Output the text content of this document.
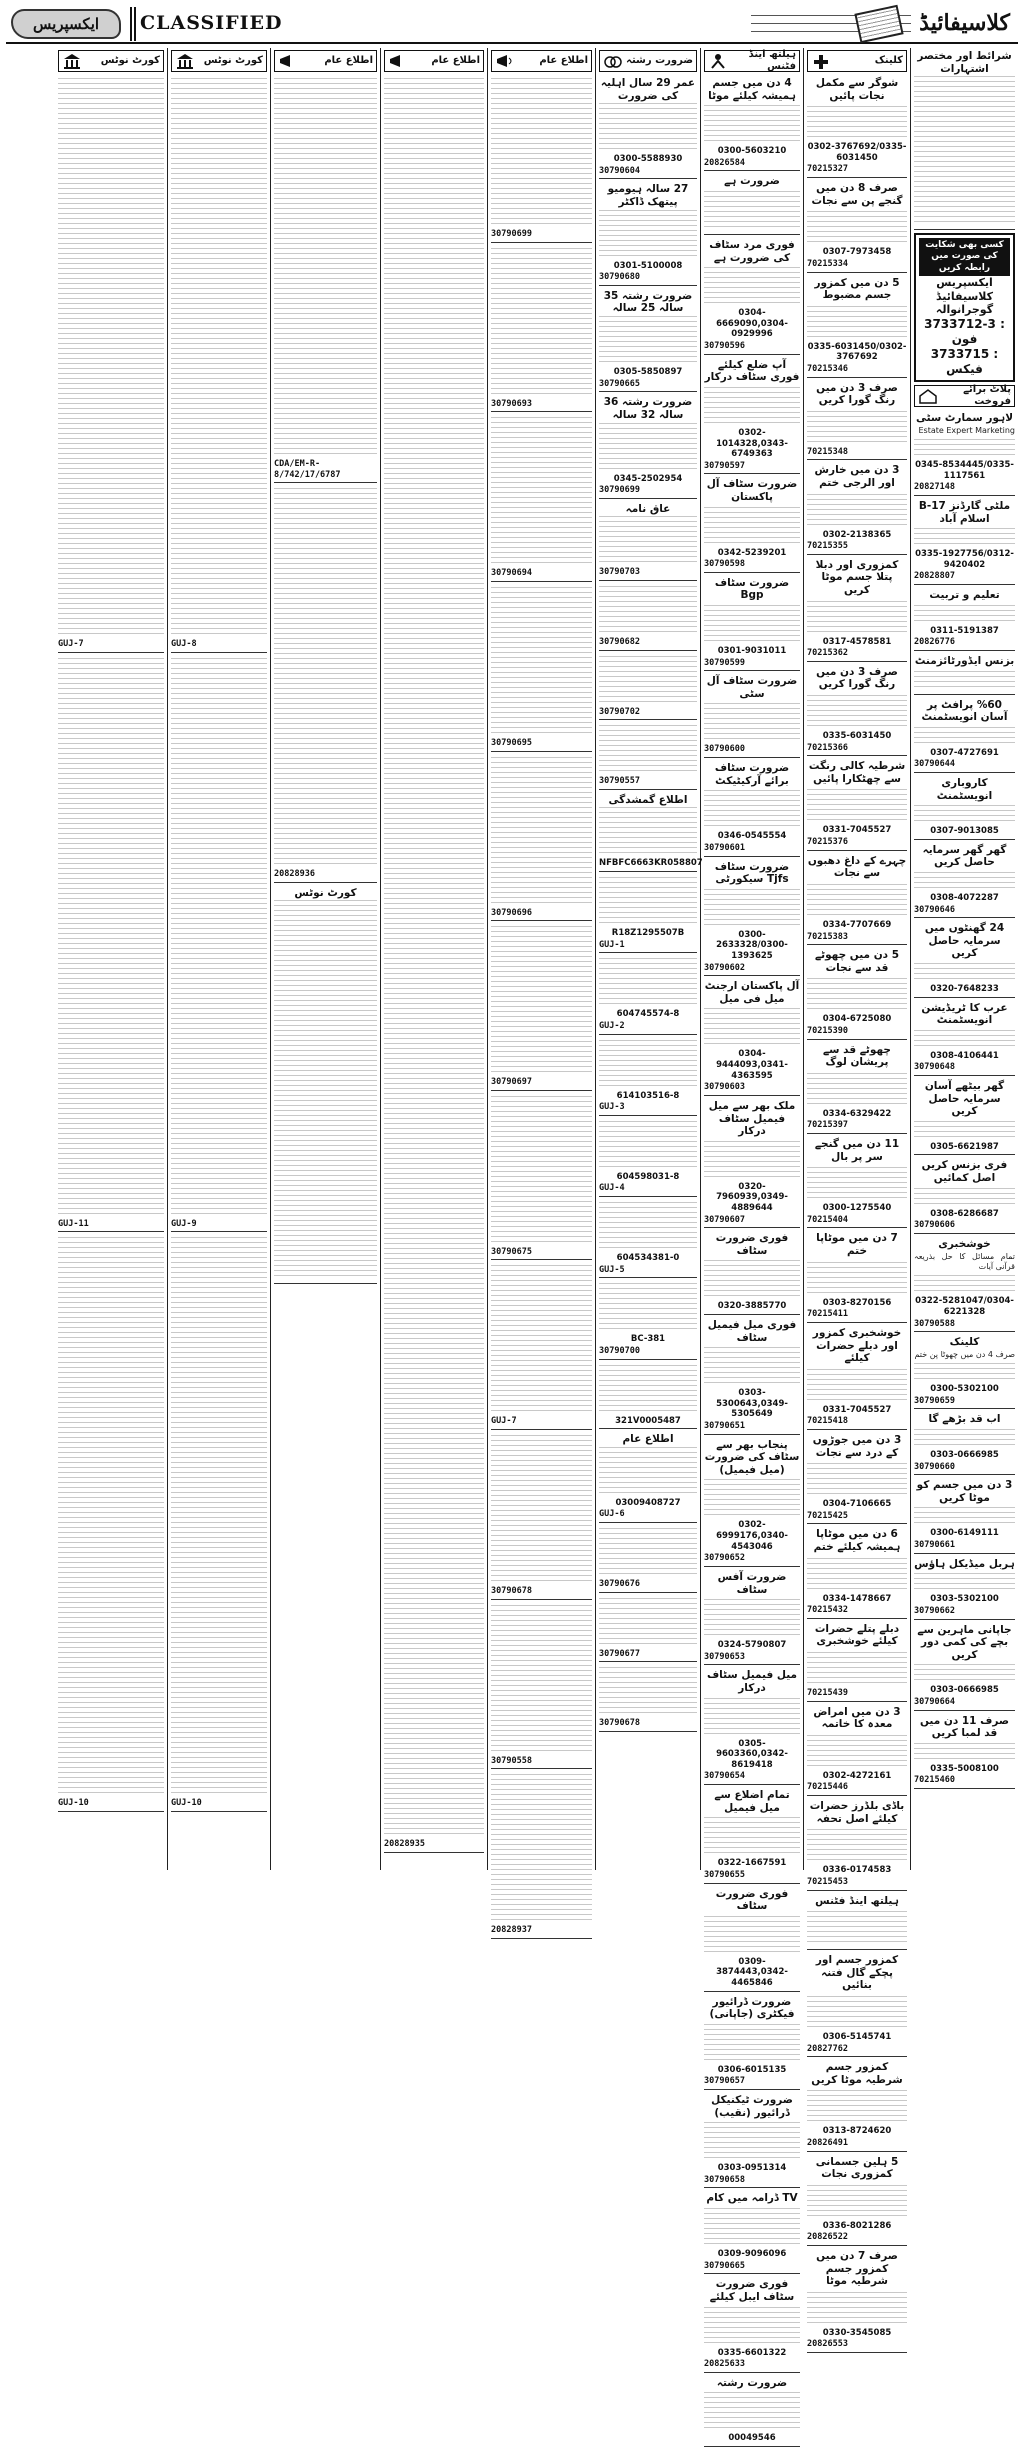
ایکسپریس	CLASSIFIED	کلاسیفائیڈ
شرائط اور مختصر اشتہارات
کسی بھی شکایت کی صورت میں رابطہ کریں
ایکسپریس کلاسیفائیڈ گوجرانوالہ
3733712-3 : فون
3733715 : فیکس
پلاٹ برائے فروخت
لاہور سمارٹ سٹی
Estate Expert Marketing
0345-8534445/0335-1117561
20827148
ملٹی گارڈنز B-17 اسلام آباد
0335-1927756/0312-9420402
20828807
تعلیم و تربیت
0311-5191387
20826776
بزنس ایڈورٹائزمنٹ
%60 پرافٹ پر آسان انویسٹمنٹ
0307-4727691
30790644
کاروباری انویسٹمنٹ
0307-9013085
گھر گھر سرمایہ حاصل کریں
0308-4072287
30790646
24 گھنٹوں میں سرمایہ حاصل کریں
0320-7648233
عرب کا ٹریڈیشن انویسٹمنٹ
0308-4106441
30790648
گھر بیٹھے آسان سرمایہ حاصل کریں
0305-6621987
فری بزنس کریں اصل کمائیں
0308-6286687
30790606
خوشخبری
تمام مسائل کا حل بذریعہ قرآنی آیات
0322-5281047/0304-6221328
30790588
کلینک
صرف 4 دن میں چھوٹا پن ختم
0300-5302100
30790659
اب قد بڑھے گا
0303-0666985
30790660
3 دن میں جسم کو موٹا کریں
0300-6149111
30790661
ہربل میڈیکل ہاؤس
0303-5302100
30790662
جاپانی ماہرین سے بچے کی کمی دور کریں
0303-0666985
30790664
صرف 11 دن میں قد لمبا کریں
0335-5008100
70215460
کلینک
شوگر سے مکمل نجات پائیں
0302-3767692/0335-6031450
70215327
صرف 8 دن میں گنجے پن سے نجات
0307-7973458
70215334
5 دن میں کمزور جسم مضبوط
0335-6031450/0302-3767692
70215346
صرف 3 دن میں رنگ گورا کریں
70215348
3 دن میں خارش اور الرجی ختم
0302-2138365
70215355
کمزوری اور دبلا پتلا جسم موٹا کریں
0317-4578581
70215362
صرف 3 دن میں رنگ گورا کریں
0335-6031450
70215366
شرطیہ کالی رنگت سے چھٹکارا پائیں
0331-7045527
70215376
چہرے کے داغ دھبوں سے نجات
0334-7707669
70215383
5 دن میں چھوٹے قد سے نجات
0304-6725080
70215390
چھوٹے قد سے پریشان لوگ
0334-6329422
70215397
11 دن میں گنجے سر پر بال
0300-1275540
70215404
7 دن میں موٹاپا ختم
0303-8270156
70215411
خوشخبری کمزور اور دبلے حضرات کیلئے
0331-7045527
70215418
3 دن میں جوڑوں کے درد سے نجات
0304-7106665
70215425
6 دن میں موٹاپا ہمیشہ کیلئے ختم
0334-1478667
70215432
دبلے پتلے حضرات کیلئے خوشخبری
70215439
3 دن میں امراض معدہ کا خاتمہ
0302-4272161
70215446
باڈی بلڈرز حضرات کیلئے اصل تحفہ
0336-0174583
70215453
ہیلتھ اینڈ فٹنس
کمزور جسم اور پچکے گال فتنہ بنائیں
0306-5145741
20827762
کمزور جسم شرطیہ موٹا کریں
0313-8724620
20826491
5 ہلین جسمانی کمزوری نجات
0336-8021286
20826522
صرف 7 دن میں کمزور جسم شرطیہ موٹا
0330-3545085
20826553
ہیلتھ اینڈ فٹنس
4 دن میں جسم ہمیشہ کیلئے موٹا
0300-5603210
20826584
ضرورت ہے
فوری مرد سٹاف کی ضرورت ہے
0304-6669090,0304-0929996
30790596
آپ ضلع کیلئے فوری سٹاف درکار
0302-1014328,0343-6749363
30790597
ضرورت سٹاف آل پاکستان
0342-5239201
30790598
ضرورت سٹاف Bgp
0301-9031011
30790599
ضرورت سٹاف آل سٹی
30790600
ضرورت سٹاف برائے آرکیٹیکٹ
0346-0545554
30790601
ضرورت سٹاف Tjfs سیکورٹی
0300-2633328/0300-1393625
30790602
آل پاکستان ارجنٹ میل فی میل
0304-9444093,0341-4363595
30790603
ملک بھر سے میل فیمیل سٹاف درکار
0320-7960939,0349-4889644
30790607
فوری ضرورت سٹاف
0320-3885770
فوری میل فیمیل سٹاف
0303-5300643,0349-5305649
30790651
پنجاب بھر سے سٹاف کی ضرورت (میل فیمیل)
0302-6999176,0340-4543046
30790652
ضرورت آفس سٹاف
0324-5790807
30790653
میل فیمیل سٹاف درکار
0305-9603360,0342-8619418
30790654
تمام اضلاع سے میل فیمیل
0322-1667591
30790655
فوری ضرورت سٹاف
0309-3874443,0342-4465846
ضرورت ڈرائیور فیکٹری (جاپانی)
0306-6015135
30790657
ضرورت ٹیکنیکل ڈرائیور (نقیب)
0303-0951314
30790658
TV ڈرامہ میں کام
0309-9096096
30790665
فوری ضرورت سٹاف ایبل کیلئے
0335-6601322
20825633
ضرورت رشتہ
00049546
ضرورت رشتہ
عمر 29 سال اہلیہ کی ضرورت
0300-5588930
30790604
27 سالہ ہیومیو پیتھک ڈاکٹر
0301-5100008
30790680
ضرورت رشتہ 35 سالہ 25 سالہ
0305-5850897
30790665
ضرورت رشتہ 36 سالہ 32 سالہ
0345-2502954
30790699
عاق نامہ
30790703
30790682
30790702
30790557
اطلاع گمشدگی
NFBFC6663KR058807
R18Z1295507B
GUJ-1
604745574-8
GUJ-2
614103516-8
GUJ-3
604598031-8
GUJ-4
604534381-0
GUJ-5
BC-381
30790700
321V0005487
اطلاع عام
03009408727
GUJ-6
30790676
30790677
30790678
اطلاع عام
30790699
30790693
30790694
30790695
30790696
30790697
30790675
GUJ-7
30790678
30790558
20828937
اطلاع عام
20828935
اطلاع عام
CDA/EM-R-8/742/17/6787
20828936
کورٹ نوٹس
کورٹ نوٹس
GUJ-8
GUJ-9
GUJ-10
کورٹ نوٹس
GUJ-7
GUJ-11
GUJ-10
